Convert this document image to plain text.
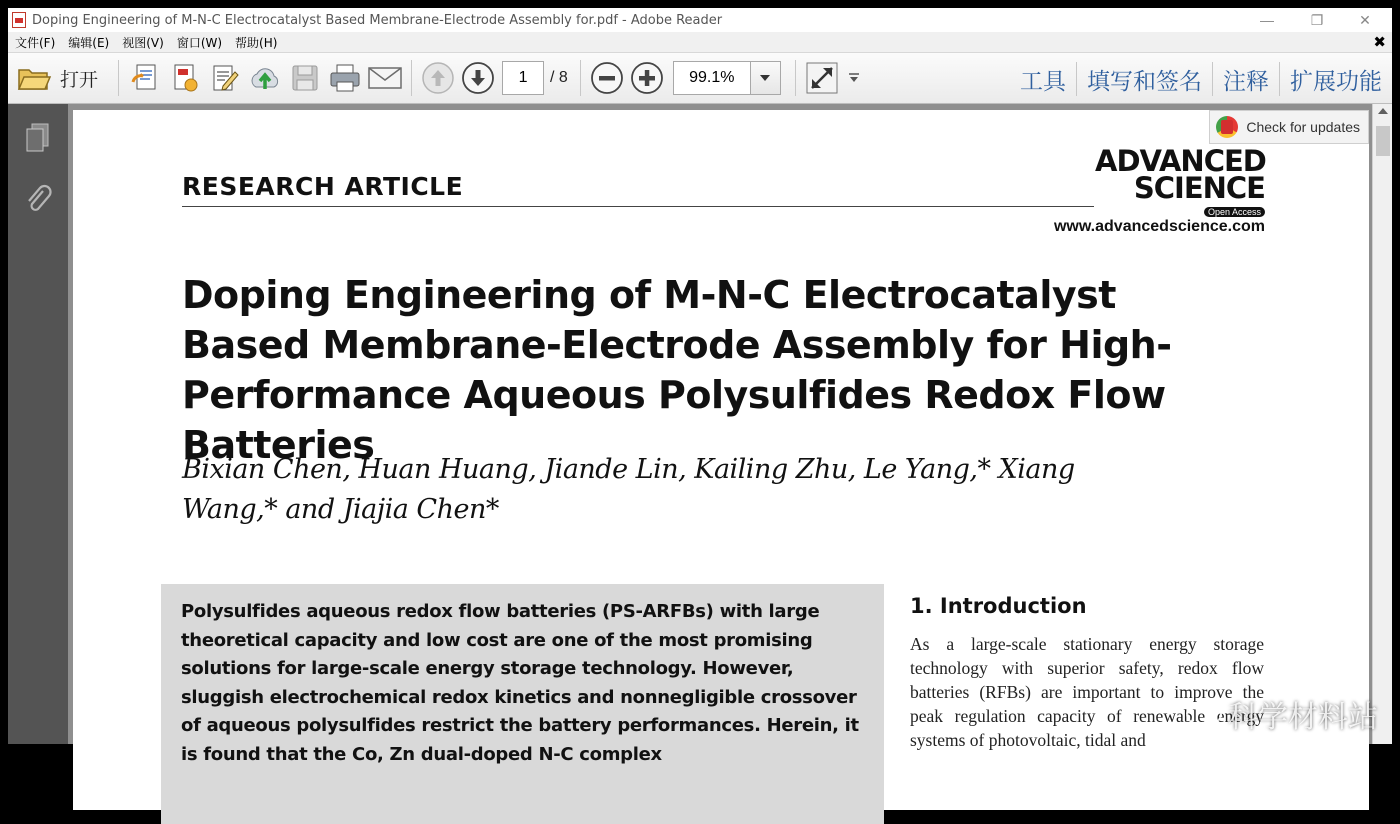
Doping Engineering of M-N-C Electrocatalyst Based Membrane-Electrode Assembly for.pdf - Adobe Reader	—	❐	✕
文件(F)	编辑(E)	视图(V)	窗口(W)	帮助(H)	✖
打开	1	/ 8	99.1%	工具 填写和签名 注释 扩展功能
Check for updates
RESEARCH ARTICLE
ADVANCED
SCIENCE
Open Access
www.advancedscience.com
Doping Engineering of M-N-C Electrocatalyst Based Membrane-Electrode Assembly for High-Performance Aqueous Polysulfides Redox Flow Batteries
Bixian Chen, Huan Huang, Jiande Lin, Kailing Zhu, Le Yang,* Xiang Wang,* and Jiajia Chen*
Polysulfides aqueous redox flow batteries (PS-ARFBs) with large theoretical capacity and low cost are one of the most promising solutions for large-scale energy storage technology. However, sluggish electrochemical redox kinetics and nonnegligible crossover of aqueous polysulfides restrict the battery performances. Herein, it is found that the Co, Zn dual-doped N-C complex
1. Introduction
As a large-scale stationary energy storage technology with superior safety, redox flow batteries (RFBs) are important to improve the peak regulation capacity of renewable energy systems of photovoltaic, tidal and
科学材料站
